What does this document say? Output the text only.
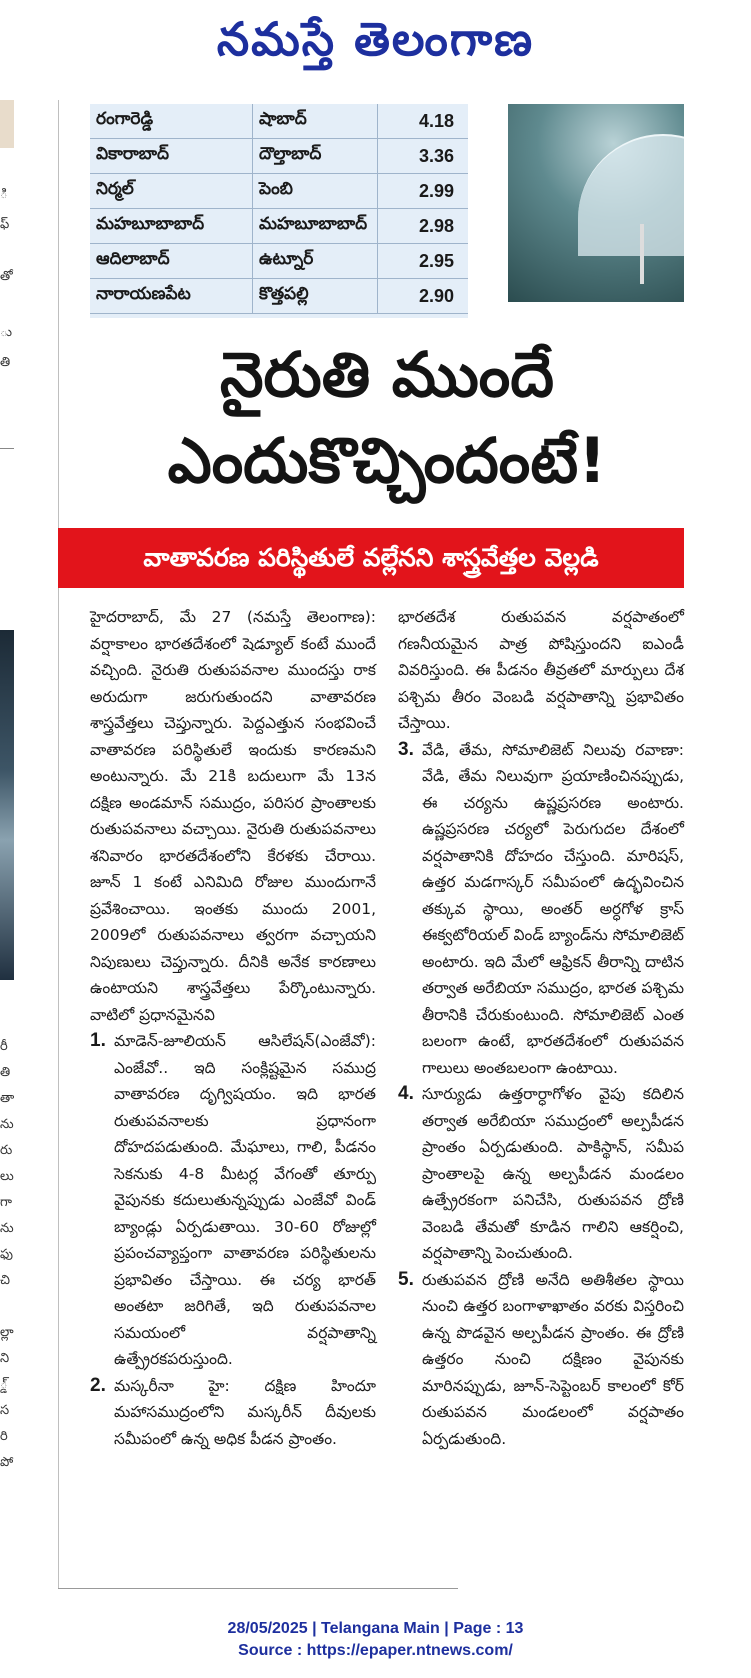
నమస్తే తెలంగాణ
ి
ఫ్
తో
ు
తి
రీ
తి
తా
ను
రు
లు
గా
ను
ఫు
చి
ల్లా
ని
్డ్
స
రి
పో
రంగారెడ్డి	షాబాద్	4.18
వికారాబాద్	దౌల్తాబాద్	3.36
నిర్మల్	పెంబి	2.99
మహబూబాబాద్	మహబూబాబాద్	2.98
ఆదిలాబాద్	ఉట్నూర్	2.95
నారాయణపేట	కొత్తపల్లి	2.90
నైరుతి ముందే
ఎందుకొచ్చిందంటే!
వాతావరణ పరిస్థితులే వల్లేనని శాస్త్రవేత్తల వెల్లడి

హైదరాబాద్, మే 27 (నమస్తే తెలంగాణ): వర్షాకాలం భారతదేశంలో షెడ్యూల్ కంటే ముందే వచ్చింది. నైరుతి రుతుపవనాల ముందస్తు రాక అరుదుగా జరుగుతుందని వాతావరణ శాస్త్రవేత్తలు చెప్తున్నారు. పెద్దఎత్తున సంభవించే వాతావరణ పరిస్థితులే ఇందుకు కారణమని అంటున్నారు. మే 21కి బదులుగా మే 13న దక్షిణ అండమాన్ సముద్రం, పరిసర ప్రాంతాలకు రుతుపవనాలు వచ్చాయి. నైరుతి రుతుపవనాలు శనివారం భారతదేశంలోని కేరళకు చేరాయి. జూన్ 1 కంటే ఎనిమిది రోజుల ముందుగానే ప్రవేశించాయి. ఇంతకు ముందు 2001, 2009లో రుతుపవనాలు త్వరగా వచ్చాయని నిపుణులు చెప్తున్నారు. దీనికి అనేక కారణాలు ఉంటాయని శాస్త్రవేత్తలు పేర్కొంటున్నారు. వాటిలో ప్రధానమైనవి

1. మాడెన్-జూలియన్ ఆసిలేషన్(ఎంజేవో): ఎంజేవో.. ఇది సంక్లిష్టమైన సముద్ర వాతావరణ దృగ్విషయం. ఇది భారత రుతుపవనాలకు ప్రధానంగా దోహదపడుతుంది. మేఘాలు, గాలి, పీడనం సెకనుకు 4-8 మీటర్ల వేగంతో తూర్పు వైపునకు కదులుతున్నప్పుడు ఎంజేవో విండ్ బ్యాండ్లు ఏర్పడుతాయి. 30-60 రోజుల్లో ప్రపంచవ్యాప్తంగా వాతావరణ పరిస్థితులను ప్రభావితం చేస్తాయి. ఈ చర్య భారత్ అంతటా జరిగితే, ఇది రుతుపవనాల సమయంలో వర్షపాతాన్ని ఉత్ప్రేరకపరుస్తుంది.

2. మస్కరీనా హై: దక్షిణ హిందూ మహాసముద్రంలోని మస్కరీన్ దీవులకు సమీపంలో ఉన్న అధిక పీడన ప్రాంతం.

భారతదేశ రుతుపవన వర్షపాతంలో గణనీయమైన పాత్ర పోషిస్తుందని ఐఎండీ వివరిస్తుంది. ఈ పీడనం తీవ్రతలో మార్పులు దేశ పశ్చిమ తీరం వెంబడి వర్షపాతాన్ని ప్రభావితం చేస్తాయి.

3. వేడి, తేమ, సోమాలిజెట్ నిలువు రవాణా: వేడి, తేమ నిలువుగా ప్రయాణించినప్పుడు, ఈ చర్యను ఉష్ణప్రసరణ అంటారు. ఉష్ణప్రసరణ చర్యలో పెరుగుదల దేశంలో వర్షపాతానికి దోహదం చేస్తుంది. మారిషస్, ఉత్తర మడగాస్కర్ సమీపంలో ఉద్భవించిన తక్కువ స్థాయి, అంతర్ అర్ధగోళ క్రాస్ ఈక్వటోరియల్ విండ్ బ్యాండ్‌ను సోమాలిజెట్ అంటారు. ఇది మేలో ఆఫ్రికన్ తీరాన్ని దాటిన తర్వాత అరేబియా సముద్రం, భారత పశ్చిమ తీరానికి చేరుకుంటుంది. సోమాలిజెట్ ఎంత బలంగా ఉంటే, భారతదేశంలో రుతుపవన గాలులు అంతబలంగా ఉంటాయి.

4. సూర్యుడు ఉత్తరార్ధాగోళం వైపు కదిలిన తర్వాత అరేబియా సముద్రంలో అల్పపీడన ప్రాంతం ఏర్పడుతుంది. పాకిస్థాన్, సమీప ప్రాంతాలపై ఉన్న అల్పపీడన మండలం ఉత్ప్రేరకంగా పనిచేసి, రుతుపవన ద్రోణి వెంబడి తేమతో కూడిన గాలిని ఆకర్షించి, వర్షపాతాన్ని పెంచుతుంది.

5. రుతుపవన ద్రోణి అనేది అతిశీతల స్థాయి నుంచి ఉత్తర బంగాళాఖాతం వరకు విస్తరించి ఉన్న పొడవైన అల్పపీడన ప్రాంతం. ఈ ద్రోణి ఉత్తరం నుంచి దక్షిణం వైపునకు మారినప్పుడు, జూన్-సెప్టెంబర్ కాలంలో కోర్ రుతుపవన మండలంలో వర్షపాతం ఏర్పడుతుంది.

28/05/2025 | Telangana Main | Page : 13
Source : https://epaper.ntnews.com/
